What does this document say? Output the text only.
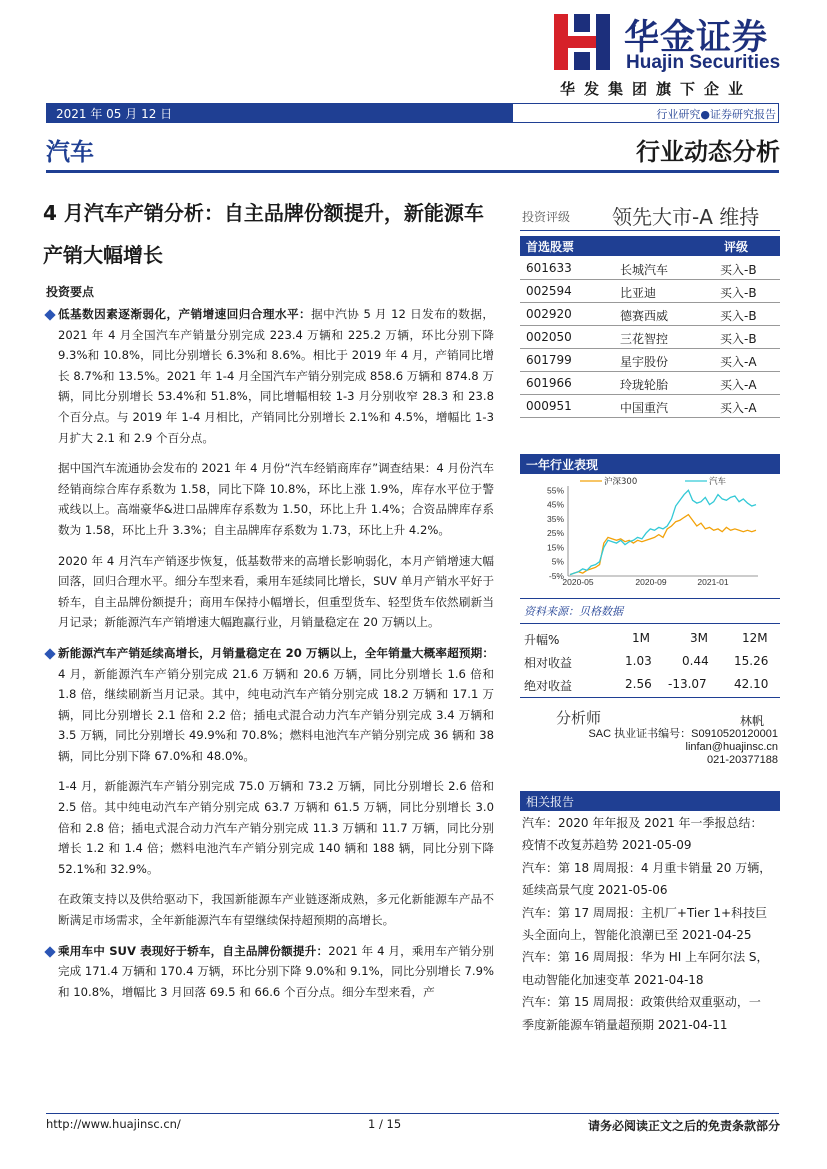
华金证券
Huajin Securities
华发集团旗下企业
2021 年 05 月 12 日	行业研究●证券研究报告
汽车	行业动态分析
4 月汽车产销分析：自主品牌份额提升，新能源车产销大幅增长
投资要点

低基数因素逐渐弱化，产销增速回归合理水平：据中汽协 5 月 12 日发布的数据，2021 年 4 月全国汽车产销量分别完成 223.4 万辆和 225.2 万辆，环比分别下降 9.3%和 10.8%，同比分别增长 6.3%和 8.6%。相比于 2019 年 4 月，产销同比增长 8.7%和 13.5%。2021 年 1-4 月全国汽车产销分别完成 858.6 万辆和 874.8 万辆，同比分别增长 53.4%和 51.8%，同比增幅相较 1-3 月分别收窄 28.3 和 23.8 个百分点。与 2019 年 1-4 月相比，产销同比分别增长 2.1%和 4.5%，增幅比 1-3 月扩大 2.1 和 2.9 个百分点。

据中国汽车流通协会发布的 2021 年 4 月份“汽车经销商库存”调查结果：4 月份汽车经销商综合库存系数为 1.58，同比下降 10.8%，环比上涨 1.9%，库存水平位于警戒线以上。高端豪华&进口品牌库存系数为 1.50，环比上升 1.4%；合资品牌库存系数为 1.58，环比上升 3.3%；自主品牌库存系数为 1.73，环比上升 4.2%。

2020 年 4 月汽车产销逐步恢复，低基数带来的高增长影响弱化，本月产销增速大幅回落，回归合理水平。细分车型来看，乘用车延续同比增长，SUV 单月产销水平好于轿车，自主品牌份额提升；商用车保持小幅增长，但重型货车、轻型货车依然刷新当月记录；新能源汽车产销增速大幅跑赢行业，月销量稳定在 20 万辆以上。

新能源汽车产销延续高增长，月销量稳定在 20 万辆以上，全年销量大概率超预期：4 月，新能源汽车产销分别完成 21.6 万辆和 20.6 万辆，同比分别增长 1.6 倍和 1.8 倍，继续刷新当月记录。其中，纯电动汽车产销分别完成 18.2 万辆和 17.1 万辆，同比分别增长 2.1 倍和 2.2 倍；插电式混合动力汽车产销分别完成 3.4 万辆和 3.5 万辆，同比分别增长 49.9%和 70.8%；燃料电池汽车产销分别完成 36 辆和 38 辆，同比分别下降 67.0%和 48.0%。

1-4 月，新能源汽车产销分别完成 75.0 万辆和 73.2 万辆，同比分别增长 2.6 倍和 2.5 倍。其中纯电动汽车产销分别完成 63.7 万辆和 61.5 万辆，同比分别增长 3.0 倍和 2.8 倍；插电式混合动力汽车产销分别完成 11.3 万辆和 11.7 万辆，同比分别增长 1.2 和 1.4 倍；燃料电池汽车产销分别完成 140 辆和 188 辆，同比分别下降 52.1%和 32.9%。

在政策支持以及供给驱动下，我国新能源车产业链逐渐成熟，多元化新能源车产品不断满足市场需求，全年新能源汽车有望继续保持超预期的高增长。

乘用车中 SUV 表现好于轿车，自主品牌份额提升：2021 年 4 月，乘用车产销分别完成 171.4 万辆和 170.4 万辆，环比分别下降 9.0%和 9.1%，同比分别增长 7.9%和 10.8%，增幅比 3 月回落 69.5 和 66.6 个百分点。细分车型来看，产

投资评级 领先大市-A 维持
首选股票	评级
601633	长城汽车	买入-B
002594	比亚迪	买入-B
002920	德赛西威	买入-B
002050	三花智控	买入-B
601799	星宇股份	买入-A
601966	玲珑轮胎	买入-A
000951	中国重汽	买入-A
一年行业表现
-5%
5%
15%
25%
35%
45%
55%
2020-05	2020-09	2021-01
沪深300	汽车
资料来源：贝格数据
升幅%	1M	3M	12M
相对收益	1.03	0.44 15.26
绝对收益	2.56 -13.07 42.10
分析师	林帆
SAC 执业证书编号：S0910520120001
linfan@huajinsc.cn
021-20377188
相关报告
汽车：2020 年年报及 2021 年一季报总结：
疫情不改复苏趋势 2021-05-09
汽车：第 18 周周报：4 月重卡销量 20 万辆，
延续高景气度 2021-05-06
汽车：第 17 周周报：主机厂+Tier 1+科技巨
头全面向上，智能化浪潮已至 2021-04-25
汽车：第 16 周周报：华为 HI 上车阿尔法 S，
电动智能化加速变革 2021-04-18
汽车：第 15 周周报：政策供给双重驱动，一
季度新能源车销量超预期 2021-04-11
http://www.huajinsc.cn/	1 / 15	请务必阅读正文之后的免责条款部分
